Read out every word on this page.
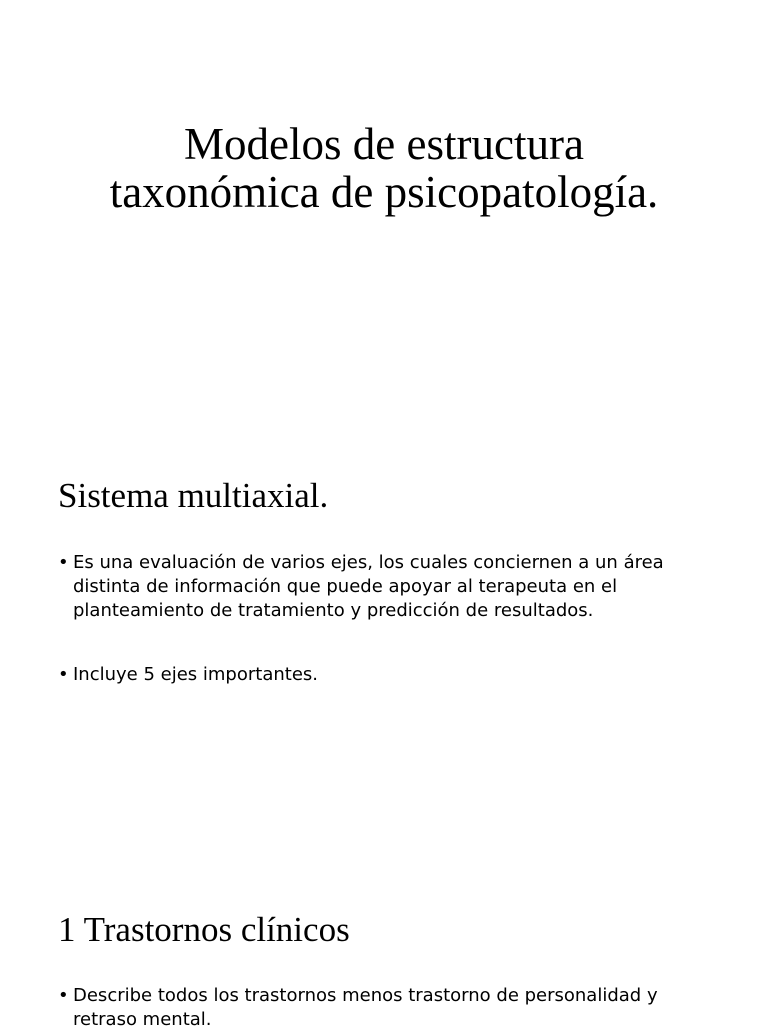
Modelos de estructura
taxonómica de psicopatología.
Sistema multiaxial.
• Es una evaluación de varios ejes, los cuales conciernen a un área distinta de información que puede apoyar al terapeuta en el planteamiento de tratamiento y predicción de resultados.
• Incluye 5 ejes importantes.
1 Trastornos clínicos
• Describe todos los trastornos menos trastorno de personalidad y retraso mental.
